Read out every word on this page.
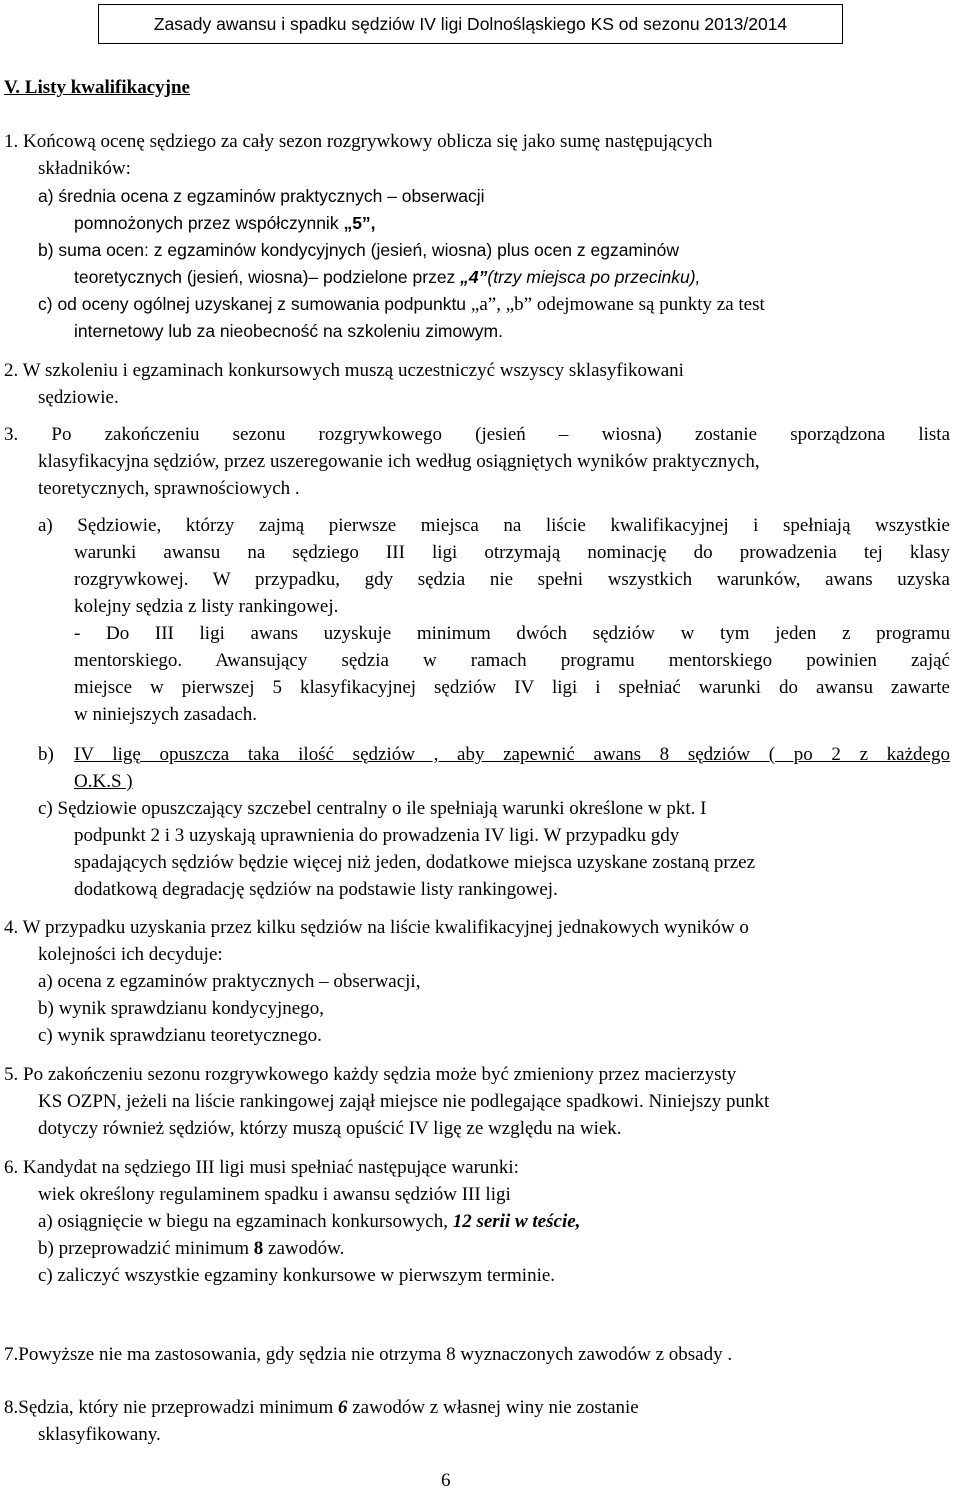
Zasady awansu i spadku sędziów IV ligi Dolnośląskiego KS od sezonu 2013/2014
V. Listy kwalifikacyjne
1. Końcową ocenę sędziego za cały sezon rozgrywkowy oblicza się jako sumę następujących
składników:
a) średnia ocena z egzaminów praktycznych – obserwacji
pomnożonych przez współczynnik „5”,
b) suma ocen: z egzaminów kondycyjnych (jesień, wiosna) plus ocen z egzaminów
teoretycznych (jesień, wiosna)– podzielone przez „4”(trzy miejsca po przecinku),
c) od oceny ogólnej uzyskanej z sumowania podpunktu „a”, „b” odejmowane są punkty za test
internetowy lub za nieobecność na szkoleniu zimowym.
2. W szkoleniu i egzaminach konkursowych muszą uczestniczyć wszyscy sklasyfikowani
sędziowie.
3. Po zakończeniu sezonu rozgrywkowego (jesień – wiosna) zostanie sporządzona lista
klasyfikacyjna sędziów, przez uszeregowanie ich według osiągniętych wyników praktycznych,
teoretycznych, sprawnościowych .
a) Sędziowie, którzy zajmą pierwsze miejsca na liście kwalifikacyjnej i spełniają wszystkie
warunki awansu na sędziego III ligi otrzymają nominację do prowadzenia tej klasy
rozgrywkowej. W przypadku, gdy sędzia nie spełni wszystkich warunków, awans uzyska
kolejny sędzia z listy rankingowej.
- Do III ligi awans uzyskuje minimum dwóch sędziów w tym jeden z programu
mentorskiego. Awansujący sędzia w ramach programu mentorskiego powinien zająć
miejsce w pierwszej 5 klasyfikacyjnej sędziów IV ligi i spełniać warunki do awansu zawarte
w niniejszych zasadach.
b) IV ligę opuszcza taka ilość sędziów , aby zapewnić awans 8 sędziów ( po 2 z każdego
O.K.S )
c) Sędziowie opuszczający szczebel centralny o ile spełniają warunki określone w pkt. I
podpunkt 2 i 3 uzyskają uprawnienia do prowadzenia IV ligi. W przypadku gdy
spadających sędziów będzie więcej niż jeden, dodatkowe miejsca uzyskane zostaną przez
dodatkową degradację sędziów na podstawie listy rankingowej.
4. W przypadku uzyskania przez kilku sędziów na liście kwalifikacyjnej jednakowych wyników o
kolejności ich decyduje:
a) ocena z egzaminów praktycznych – obserwacji,
b) wynik sprawdzianu kondycyjnego,
c) wynik sprawdzianu teoretycznego.
5. Po zakończeniu sezonu rozgrywkowego każdy sędzia może być zmieniony przez macierzysty
KS OZPN, jeżeli na liście rankingowej zajął miejsce nie podlegające spadkowi. Niniejszy punkt
dotyczy również sędziów, którzy muszą opuścić IV ligę ze względu na wiek.
6. Kandydat na sędziego III ligi musi spełniać następujące warunki:
wiek określony regulaminem spadku i awansu sędziów III ligi
a) osiągnięcie w biegu na egzaminach konkursowych, 12 serii w teście,
b) przeprowadzić minimum 8 zawodów.
c) zaliczyć wszystkie egzaminy konkursowe w pierwszym terminie.
7.Powyższe nie ma zastosowania, gdy sędzia nie otrzyma 8 wyznaczonych zawodów z obsady .
8.Sędzia, który nie przeprowadzi minimum 6 zawodów z własnej winy nie zostanie
sklasyfikowany.
6
